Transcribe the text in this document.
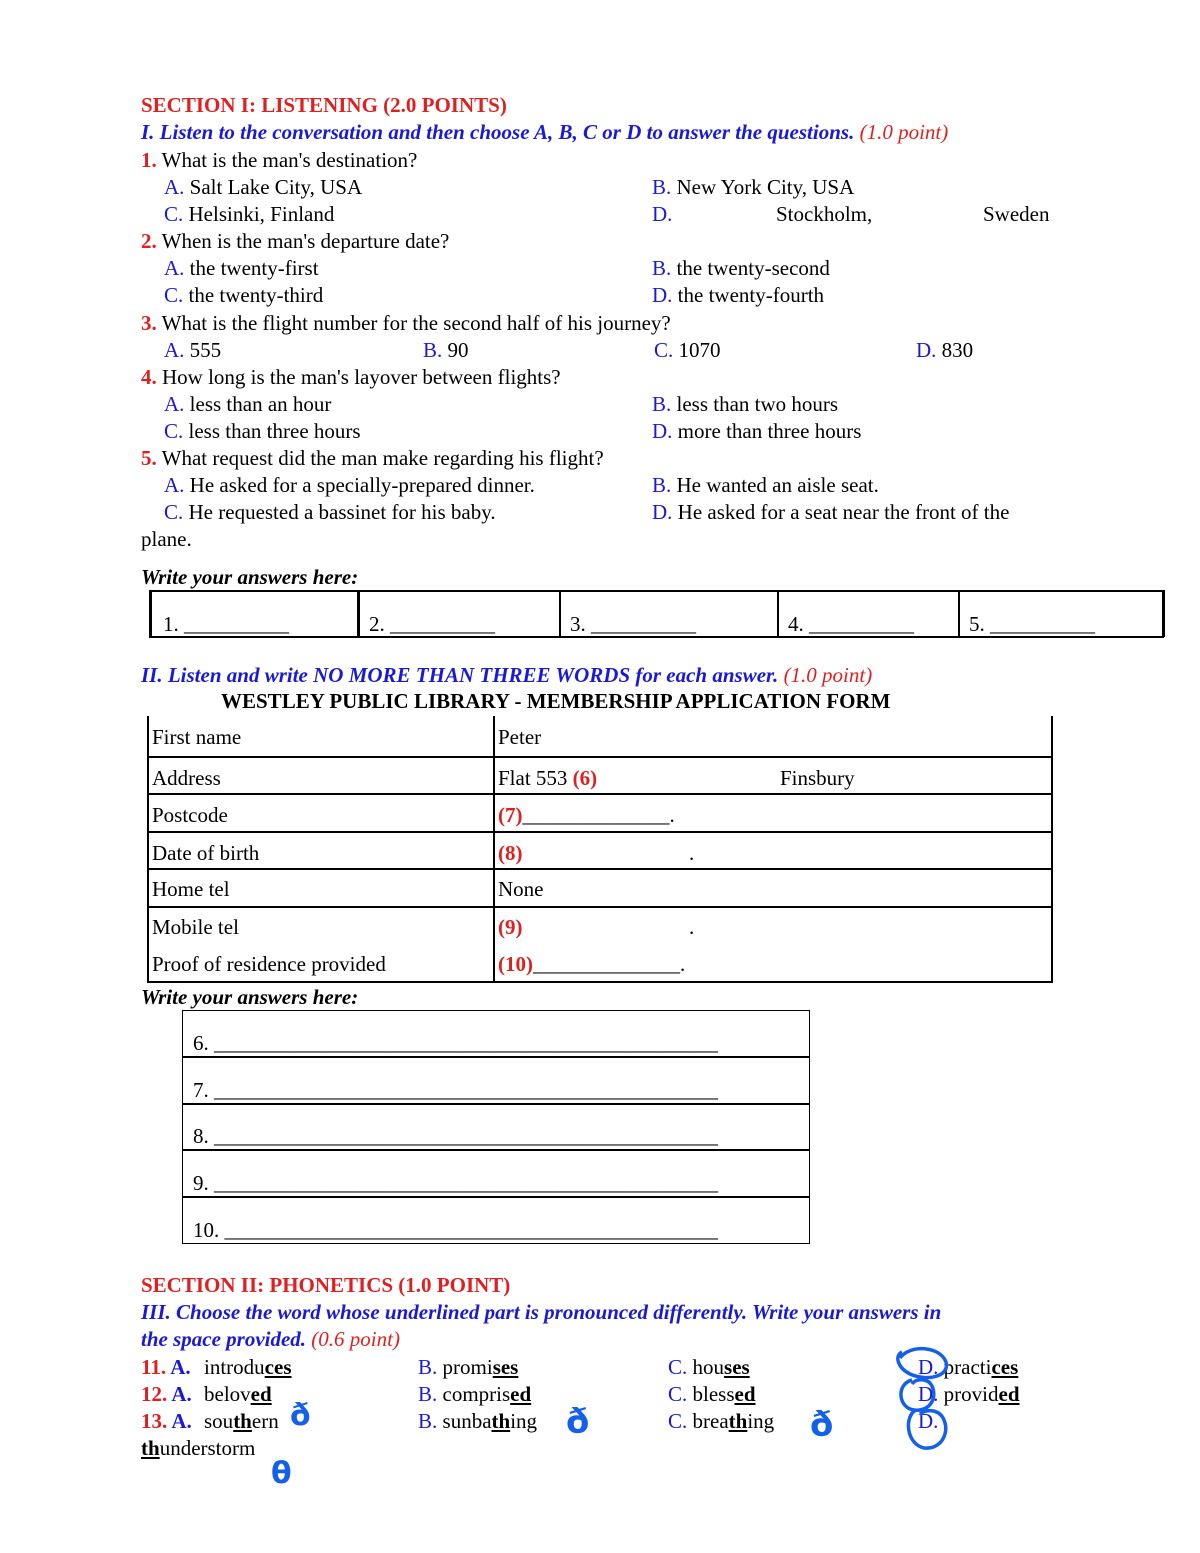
SECTION I: LISTENING (2.0 POINTS)
I. Listen to the conversation and then choose A, B, C or D to answer the questions. (1.0 point)
1. What is the man's destination?
A. Salt Lake City, USA	B. New York City, USA
C. Helsinki, Finland	D.	Stockholm,	Sweden
2. When is the man's departure date?
A. the twenty-first	B. the twenty-second
C. the twenty-third	D. the twenty-fourth
3. What is the flight number for the second half of his journey?
A. 555	B. 90	C. 1070	D. 830
4. How long is the man's layover between flights?
A. less than an hour	B. less than two hours
C. less than three hours	D. more than three hours
5. What request did the man make regarding his flight?
A. He asked for a specially-prepared dinner.	B. He wanted an aisle seat.
C. He requested a bassinet for his baby.	D. He asked for a seat near the front of the
plane.
Write your answers here:
1. __________	2. __________	3. __________	4. __________	5. __________
II. Listen and write NO MORE THAN THREE WORDS for each answer. (1.0 point)
WESTLEY PUBLIC LIBRARY - MEMBERSHIP APPLICATION FORM
First name	Peter
Address	Flat 553 (6)	Finsbury
Postcode	(7)______________.
Date of birth	(8)	.
Home tel	None
Mobile tel	(9)	.
Proof of residence provided	(10)______________.
Write your answers here:
6. ________________________________________________
7. ________________________________________________
8. ________________________________________________
9. ________________________________________________
10. _______________________________________________
SECTION II: PHONETICS (1.0 POINT)
III. Choose the word whose underlined part is pronounced differently. Write your answers in
the space provided. (0.6 point)
11. A. introduces	B. promises	C. houses	D. practices
12. A. beloved	B. comprised	C. blessed	D. provided
13. A. southern	B. sunbathing	C. breathing	D.
thunderstorm
ð	ð	ð
θ
